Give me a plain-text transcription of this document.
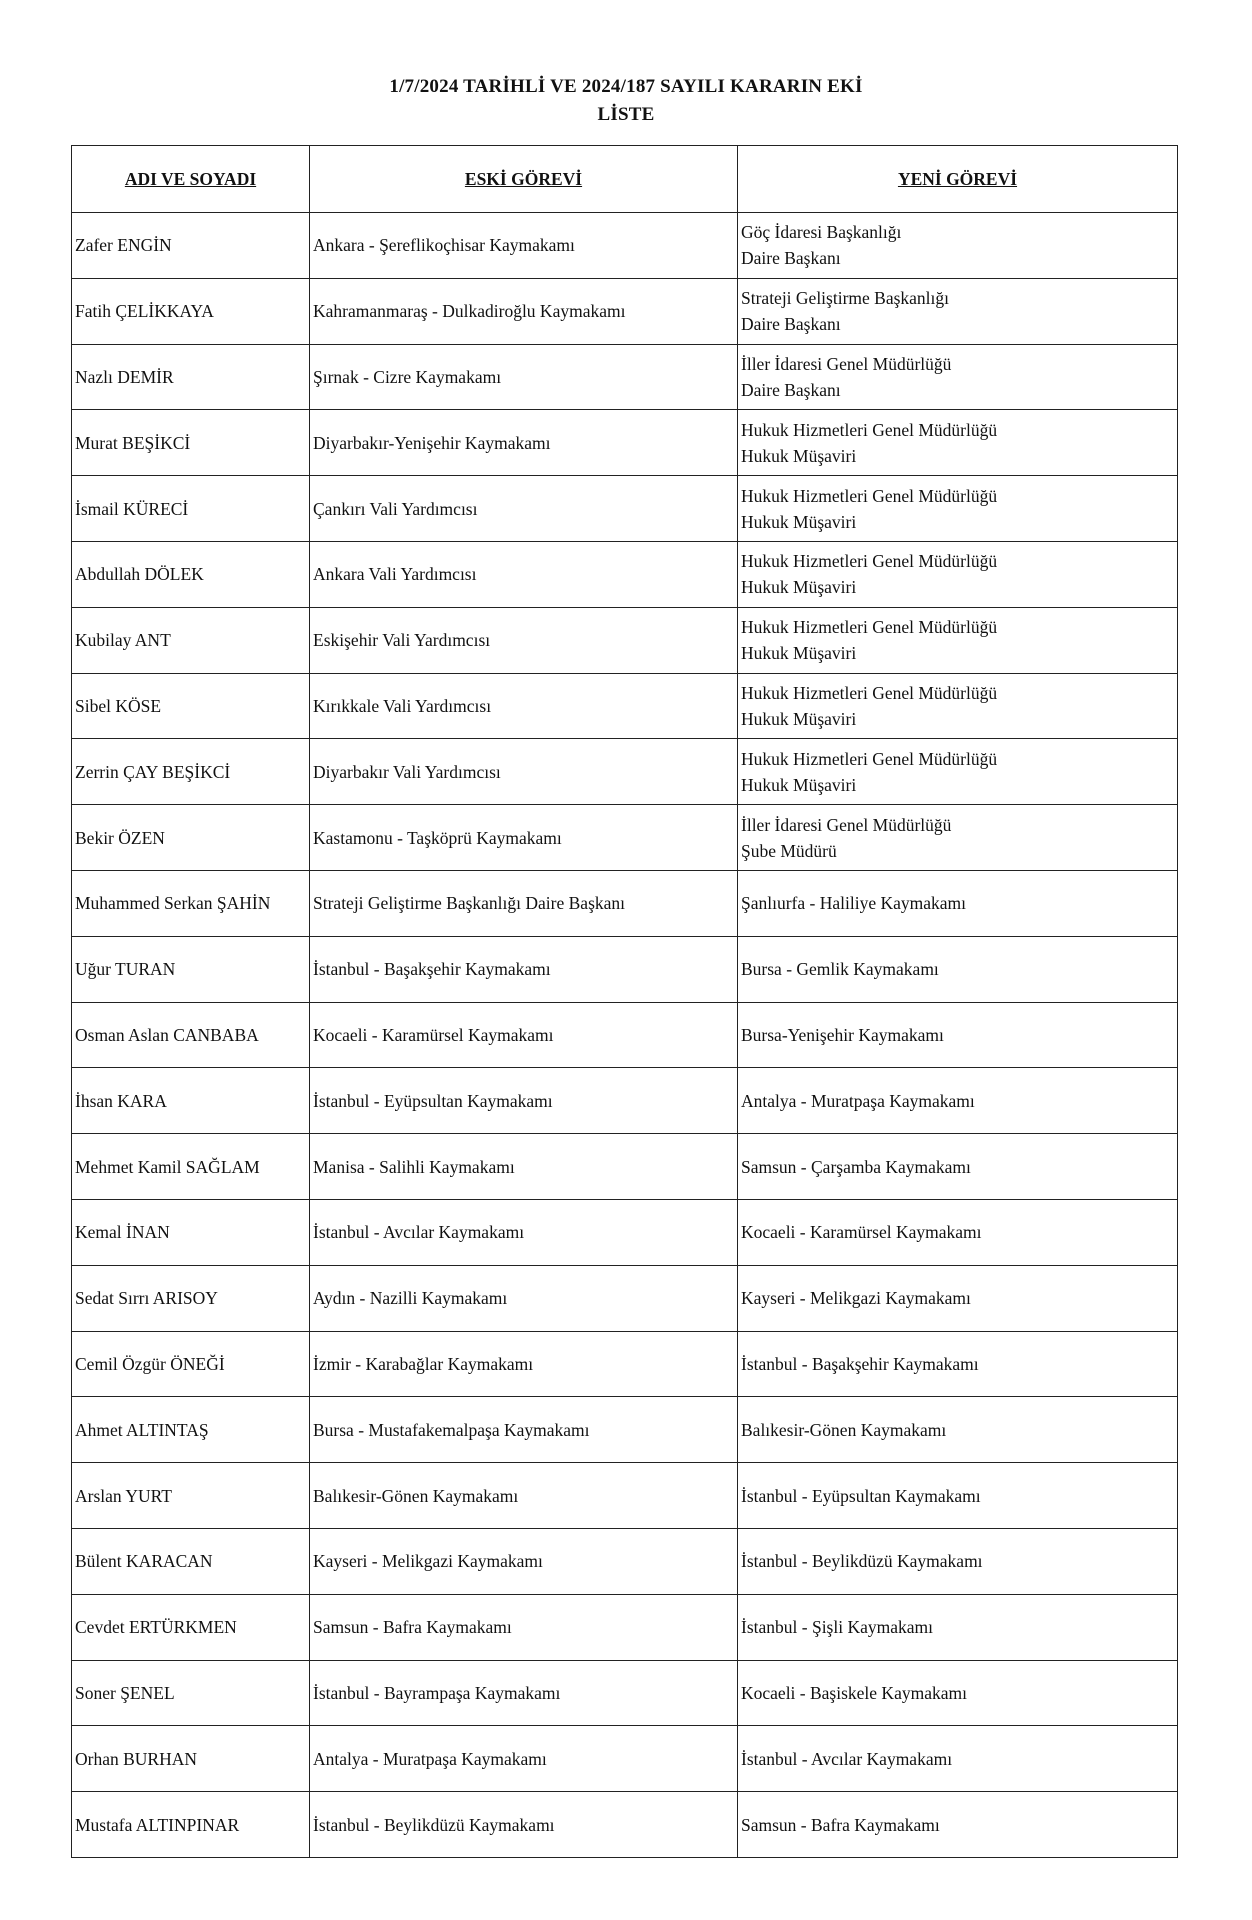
1/7/2024 TARİHLİ VE 2024/187 SAYILI KARARIN EKİ
LİSTE
ADI VE SOYADI	ESKİ GÖREVİ	YENİ GÖREVİ
Zafer ENGİN	Ankara - Şereflikoçhisar Kaymakamı	Göç İdaresi Başkanlığı
Daire Başkanı

Fatih ÇELİKKAYA	Kahramanmaraş - Dulkadiroğlu Kaymakamı	Strateji Geliştirme Başkanlığı
Daire Başkanı

Nazlı DEMİR	Şırnak - Cizre Kaymakamı	İller İdaresi Genel Müdürlüğü
Daire Başkanı

Murat BEŞİKCİ	Diyarbakır-Yenişehir Kaymakamı	Hukuk Hizmetleri Genel Müdürlüğü
Hukuk Müşaviri

İsmail KÜRECİ	Çankırı Vali Yardımcısı	Hukuk Hizmetleri Genel Müdürlüğü
Hukuk Müşaviri

Abdullah DÖLEK	Ankara Vali Yardımcısı	Hukuk Hizmetleri Genel Müdürlüğü
Hukuk Müşaviri

Kubilay ANT	Eskişehir Vali Yardımcısı	Hukuk Hizmetleri Genel Müdürlüğü
Hukuk Müşaviri

Sibel KÖSE	Kırıkkale Vali Yardımcısı	Hukuk Hizmetleri Genel Müdürlüğü
Hukuk Müşaviri

Zerrin ÇAY BEŞİKCİ	Diyarbakır Vali Yardımcısı	Hukuk Hizmetleri Genel Müdürlüğü
Hukuk Müşaviri

Bekir ÖZEN	Kastamonu - Taşköprü Kaymakamı	İller İdaresi Genel Müdürlüğü
Şube Müdürü

Muhammed Serkan ŞAHİN	Strateji Geliştirme Başkanlığı Daire Başkanı	Şanlıurfa - Haliliye Kaymakamı

Uğur TURAN	İstanbul - Başakşehir Kaymakamı	Bursa - Gemlik Kaymakamı

Osman Aslan CANBABA	Kocaeli - Karamürsel Kaymakamı	Bursa-Yenişehir Kaymakamı

İhsan KARA	İstanbul - Eyüpsultan Kaymakamı	Antalya - Muratpaşa Kaymakamı

Mehmet Kamil SAĞLAM	Manisa - Salihli Kaymakamı	Samsun - Çarşamba Kaymakamı

Kemal İNAN	İstanbul - Avcılar Kaymakamı	Kocaeli - Karamürsel Kaymakamı

Sedat Sırrı ARISOY	Aydın - Nazilli Kaymakamı	Kayseri - Melikgazi Kaymakamı

Cemil Özgür ÖNEĞİ	İzmir - Karabağlar Kaymakamı	İstanbul - Başakşehir Kaymakamı

Ahmet ALTINTAŞ	Bursa - Mustafakemalpaşa Kaymakamı	Balıkesir-Gönen Kaymakamı

Arslan YURT	Balıkesir-Gönen Kaymakamı	İstanbul - Eyüpsultan Kaymakamı

Bülent KARACAN	Kayseri - Melikgazi Kaymakamı	İstanbul - Beylikdüzü Kaymakamı

Cevdet ERTÜRKMEN	Samsun - Bafra Kaymakamı	İstanbul - Şişli Kaymakamı

Soner ŞENEL	İstanbul - Bayrampaşa Kaymakamı	Kocaeli - Başiskele Kaymakamı

Orhan BURHAN	Antalya - Muratpaşa Kaymakamı	İstanbul - Avcılar Kaymakamı

Mustafa ALTINPINAR	İstanbul - Beylikdüzü Kaymakamı	Samsun - Bafra Kaymakamı
